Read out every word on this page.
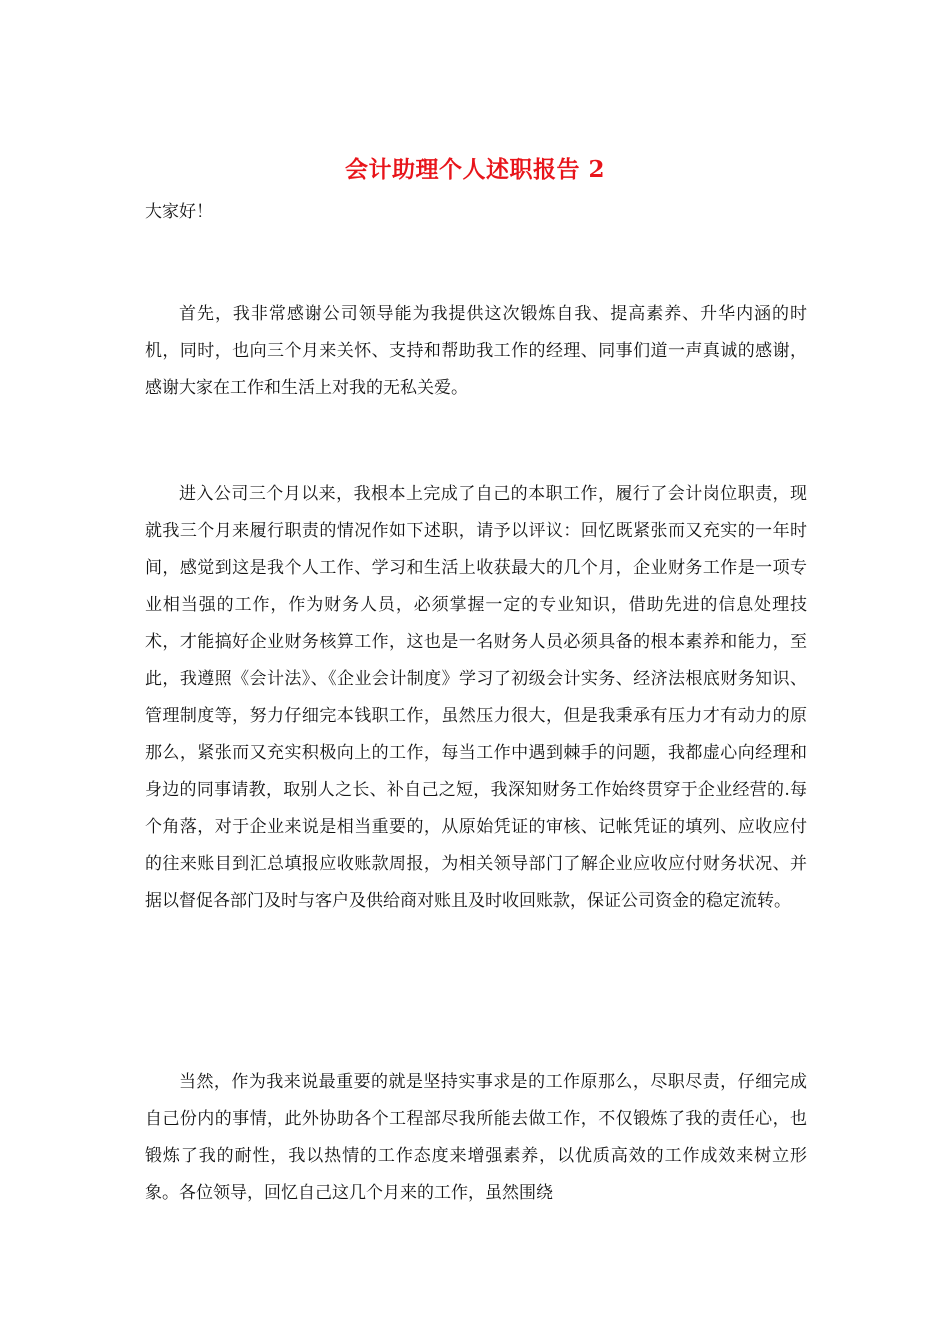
会计助理个人述职报告 2
大家好！

首先，我非常感谢公司领导能为我提供这次锻炼自我、提高素养、升华内涵的时机，同时，也向三个月来关怀、支持和帮助我工作的经理、同事们道一声真诚的感谢，感谢大家在工作和生活上对我的无私关爱。

进入公司三个月以来，我根本上完成了自己的本职工作，履行了会计岗位职责，现就我三个月来履行职责的情况作如下述职，请予以评议：回忆既紧张而又充实的一年时间，感觉到这是我个人工作、学习和生活上收获最大的几个月，企业财务工作是一项专业相当强的工作，作为财务人员，必须掌握一定的专业知识，借助先进的信息处理技术，才能搞好企业财务核算工作，这也是一名财务人员必须具备的根本素养和能力，至此，我遵照《会计法》、《企业会计制度》学习了初级会计实务、经济法根底财务知识、管理制度等，努力仔细完本钱职工作，虽然压力很大，但是我秉承有压力才有动力的原那么，紧张而又充实积极向上的工作，每当工作中遇到棘手的问题，我都虚心向经理和身边的同事请教，取别人之长、补自己之短，我深知财务工作始终贯穿于企业经营的.每个角落，对于企业来说是相当重要的，从原始凭证的审核、记帐凭证的填列、应收应付的往来账目到汇总填报应收账款周报，为相关领导部门了解企业应收应付财务状况、并据以督促各部门及时与客户及供给商对账且及时收回账款，保证公司资金的稳定流转。

当然，作为我来说最重要的就是坚持实事求是的工作原那么，尽职尽责，仔细完成自己份内的事情，此外协助各个工程部尽我所能去做工作，不仅锻炼了我的责任心，也锻炼了我的耐性，我以热情的工作态度来增强素养，以优质高效的工作成效来树立形象。各位领导，回忆自己这几个月来的工作，虽然围绕
